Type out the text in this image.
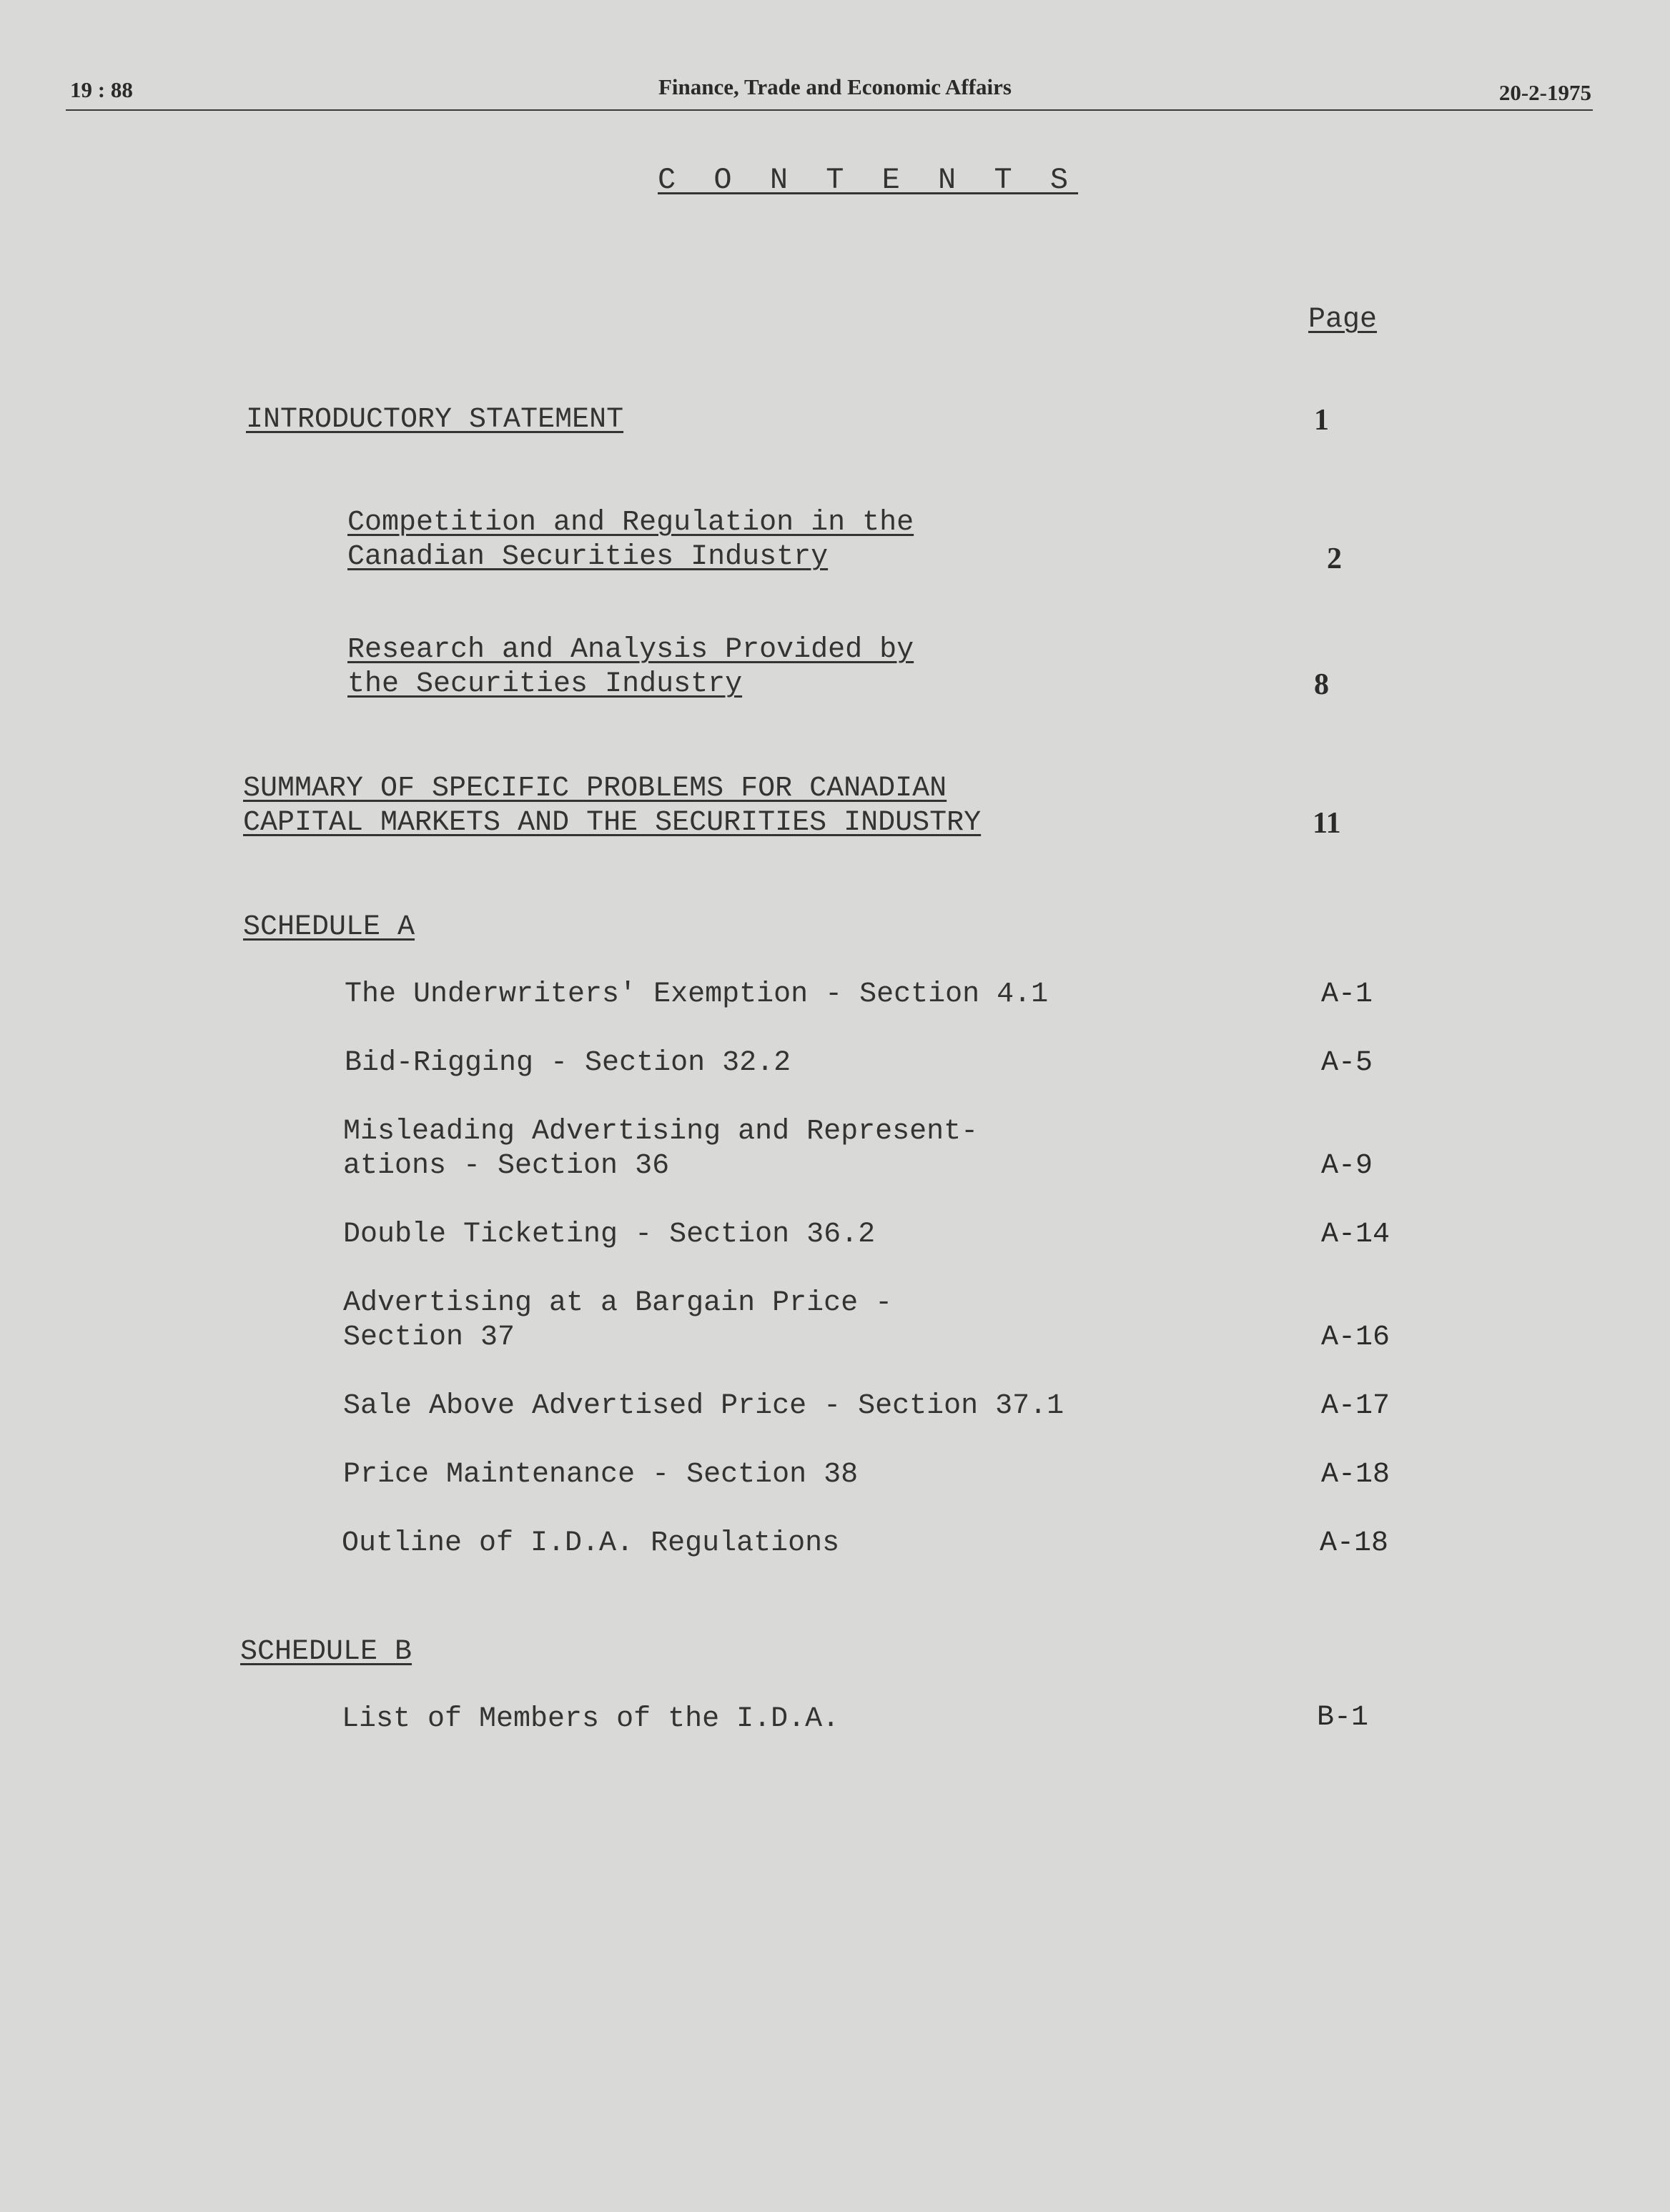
19 : 88	Finance, Trade and Economic Affairs	20-2-1975
C O N T E N T S
Page
INTRODUCTORY STATEMENT	1
Competition and Regulation in the
Canadian Securities Industry	2
Research and Analysis Provided by
the Securities Industry	8
SUMMARY OF SPECIFIC PROBLEMS FOR CANADIAN
CAPITAL MARKETS AND THE SECURITIES INDUSTRY	11
SCHEDULE A
The Underwriters' Exemption - Section 4.1	A-1
Bid-Rigging - Section 32.2	A-5
Misleading Advertising and Represent-
ations - Section 36	A-9
Double Ticketing - Section 36.2	A-14
Advertising at a Bargain Price -
Section 37	A-16
Sale Above Advertised Price - Section 37.1	A-17
Price Maintenance - Section 38	A-18
Outline of I.D.A. Regulations	A-18
SCHEDULE B
List of Members of the I.D.A.	B-1
